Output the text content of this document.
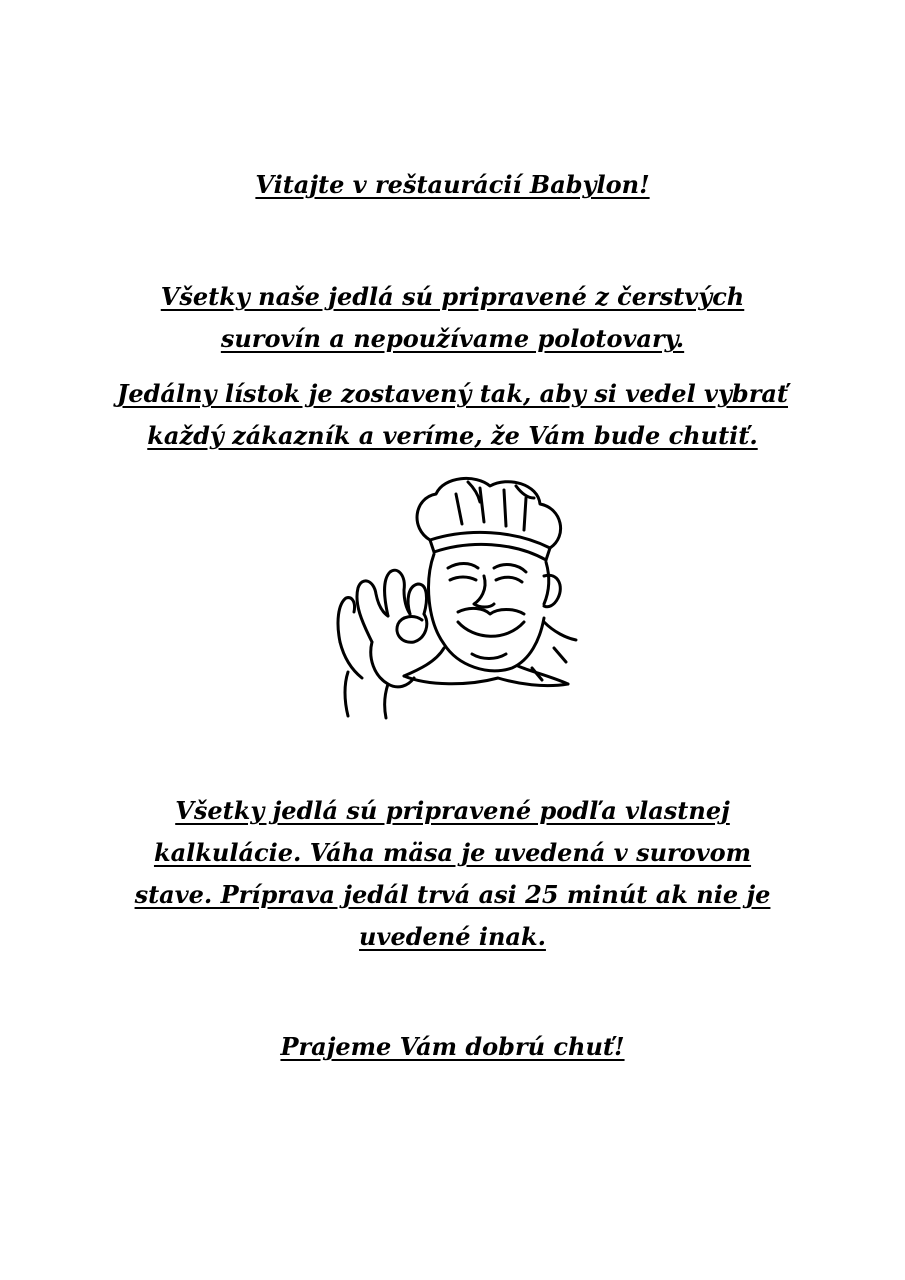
Vitajte v reštaurácií Babylon!
Všetky naše jedlá sú pripravené z čerstvých
surovín a nepoužívame polotovary.
Jedálny lístok je zostavený tak, aby si vedel vybrať
každý zákazník a veríme, že Vám bude chutiť.
Všetky jedlá sú pripravené podľa vlastnej
kalkulácie. Váha mäsa je uvedená v surovom
stave. Príprava jedál trvá asi 25 minút ak nie je
uvedené inak.
Prajeme Vám dobrú chuť!
